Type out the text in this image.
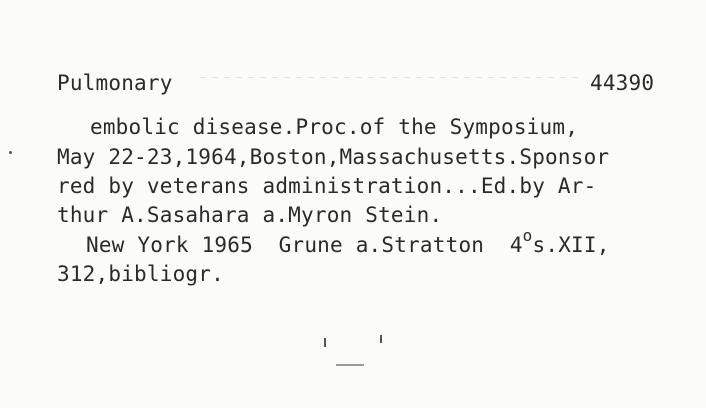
Pulmonary	44390
embolic disease.Proc.of the Symposium,
May 22-23,1964,Boston,Massachusetts.Sponsor
red by veterans administration...Ed.by Ar-
thur A.Sasahara a.Myron Stein.
New York 1965  Grune a.Stratton  4$^o$s.XII,
312,bibliogr.
